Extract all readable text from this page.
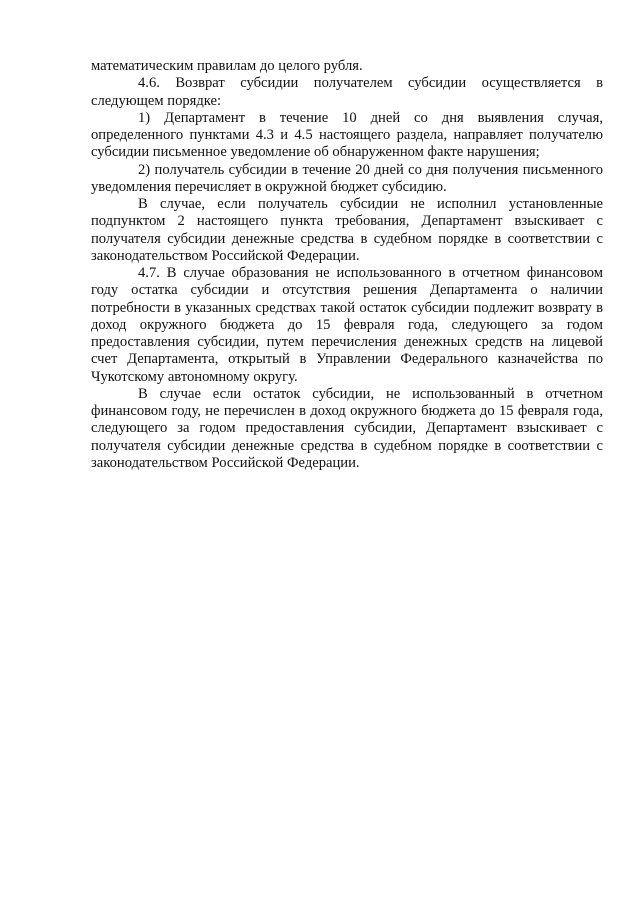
математическим правилам до целого рубля.

4.6. Возврат субсидии получателем субсидии осуществляется в следующем порядке:

1) Департамент в течение 10 дней со дня выявления случая, определенного пунктами 4.3 и 4.5 настоящего раздела, направляет получателю субсидии письменное уведомление об обнаруженном факте нарушения;

2) получатель субсидии в течение 20 дней со дня получения письменного уведомления перечисляет в окружной бюджет субсидию.

В случае, если получатель субсидии не исполнил установленные подпунктом 2 настоящего пункта требования, Департамент взыскивает с получателя субсидии денежные средства в судебном порядке в соответствии с законодательством Российской Федерации.

4.7. В случае образования не использованного в отчетном финансовом году остатка субсидии и отсутствия решения Департамента о наличии потребности в указанных средствах такой остаток субсидии подлежит возврату в доход окружного бюджета до 15 февраля года, следующего за годом предоставления субсидии, путем перечисления денежных средств на лицевой счет Департамента, открытый в Управлении Федерального казначейства по Чукотскому автономному округу.

В случае если остаток субсидии, не использованный в отчетном финансовом году, не перечислен в доход окружного бюджета до 15 февраля года, следующего за годом предоставления субсидии, Департамент взыскивает с получателя субсидии денежные средства в судебном порядке в соответствии с законодательством Российской Федерации.
